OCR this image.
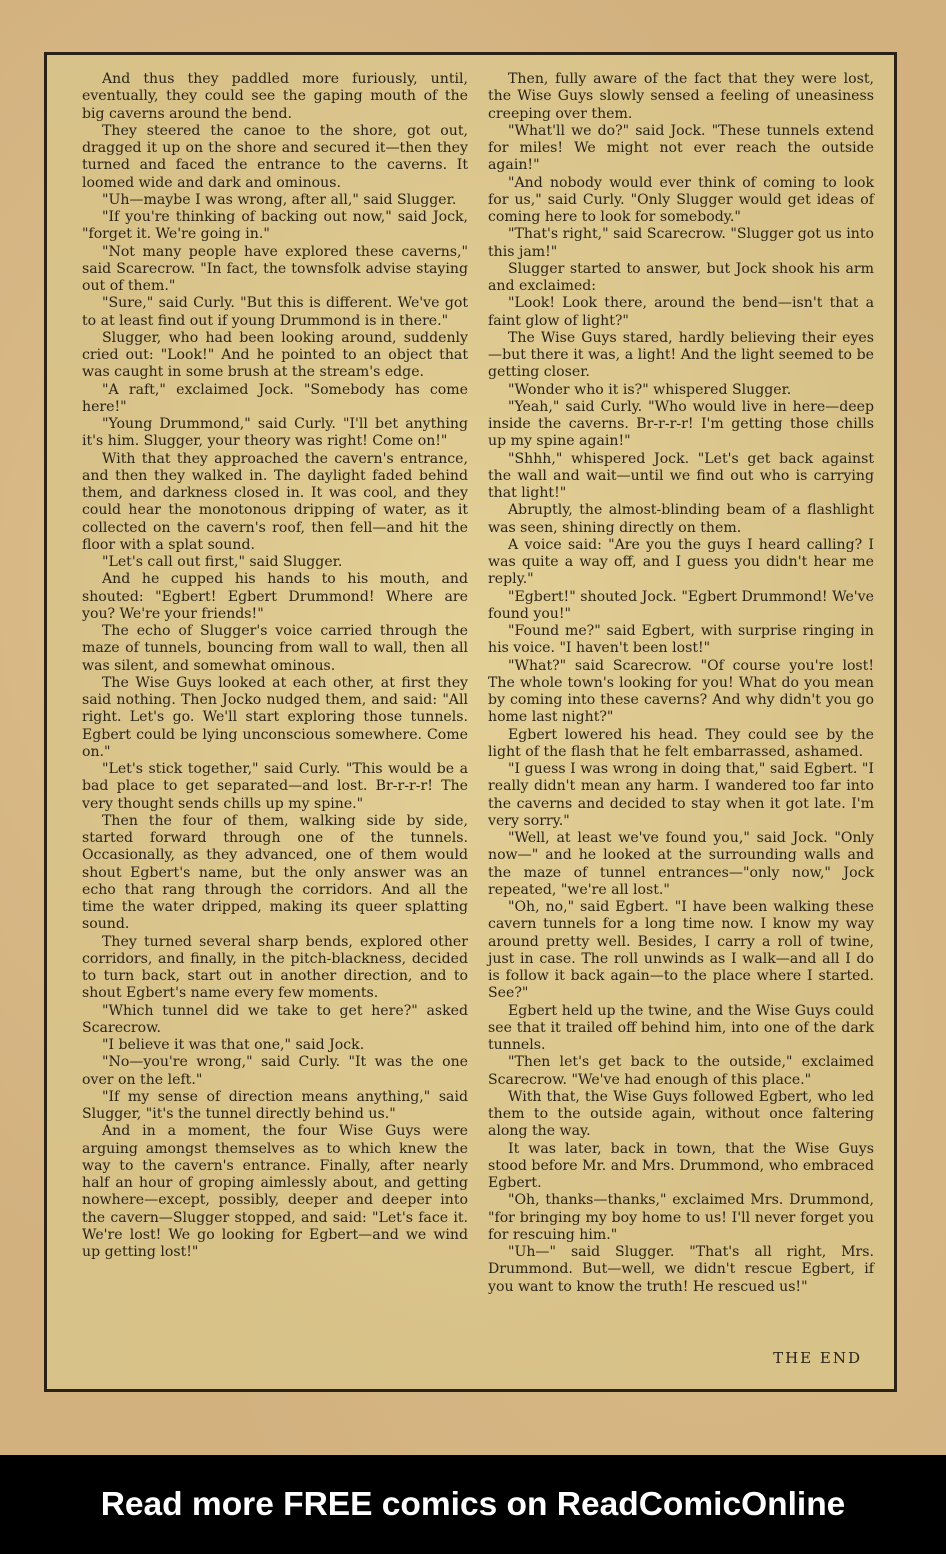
And thus they paddled more furiously, until, eventually, they could see the gaping mouth of the big caverns around the bend.

They steered the canoe to the shore, got out, dragged it up on the shore and secured it—then they turned and faced the entrance to the caverns. It loomed wide and dark and ominous.

"Uh—maybe I was wrong, after all," said Slugger.

"If you're thinking of backing out now," said Jock, "forget it. We're going in."

"Not many people have explored these caverns," said Scarecrow. "In fact, the townsfolk advise staying out of them."

"Sure," said Curly. "But this is different. We've got to at least find out if young Drummond is in there."

Slugger, who had been looking around, suddenly cried out: "Look!" And he pointed to an object that was caught in some brush at the stream's edge.

"A raft," exclaimed Jock. "Somebody has come here!"

"Young Drummond," said Curly. "I'll bet anything it's him. Slugger, your theory was right! Come on!"

With that they approached the cavern's entrance, and then they walked in. The daylight faded behind them, and darkness closed in. It was cool, and they could hear the monotonous dripping of water, as it collected on the cavern's roof, then fell—and hit the floor with a splat sound.

"Let's call out first," said Slugger.

And he cupped his hands to his mouth, and shouted: "Egbert! Egbert Drummond! Where are you? We're your friends!"

The echo of Slugger's voice carried through the maze of tunnels, bouncing from wall to wall, then all was silent, and somewhat ominous.

The Wise Guys looked at each other, at first they said nothing. Then Jocko nudged them, and said: "All right. Let's go. We'll start exploring those tunnels. Egbert could be lying unconscious somewhere. Come on."

"Let's stick together," said Curly. "This would be a bad place to get separated—and lost. Br-r-r-r! The very thought sends chills up my spine."

Then the four of them, walking side by side, started forward through one of the tunnels. Occasionally, as they advanced, one of them would shout Egbert's name, but the only answer was an echo that rang through the corridors. And all the time the water dripped, making its queer splatting sound.

They turned several sharp bends, explored other corridors, and finally, in the pitch-blackness, decided to turn back, start out in another direction, and to shout Egbert's name every few moments.

"Which tunnel did we take to get here?" asked Scarecrow.

"I believe it was that one," said Jock.

"No—you're wrong," said Curly. "It was the one over on the left."

"If my sense of direction means anything," said Slugger, "it's the tunnel directly behind us."

And in a moment, the four Wise Guys were arguing amongst themselves as to which knew the way to the cavern's entrance. Finally, after nearly half an hour of groping aimlessly about, and getting nowhere—except, possibly, deeper and deeper into the cavern—Slugger stopped, and said: "Let's face it. We're lost! We go looking for Egbert—and we wind up getting lost!"

Then, fully aware of the fact that they were lost, the Wise Guys slowly sensed a feeling of uneasiness creeping over them.

"What'll we do?" said Jock. "These tunnels extend for miles! We might not ever reach the outside again!"

"And nobody would ever think of coming to look for us," said Curly. "Only Slugger would get ideas of coming here to look for somebody."

"That's right," said Scarecrow. "Slugger got us into this jam!"

Slugger started to answer, but Jock shook his arm and exclaimed:

"Look! Look there, around the bend—isn't that a faint glow of light?"

The Wise Guys stared, hardly believing their eyes—but there it was, a light! And the light seemed to be getting closer.

"Wonder who it is?" whispered Slugger.

"Yeah," said Curly. "Who would live in here—deep inside the caverns. Br-r-r-r! I'm getting those chills up my spine again!"

"Shhh," whispered Jock. "Let's get back against the wall and wait—until we find out who is carrying that light!"

Abruptly, the almost-blinding beam of a flashlight was seen, shining directly on them.

A voice said: "Are you the guys I heard calling? I was quite a way off, and I guess you didn't hear me reply."

"Egbert!" shouted Jock. "Egbert Drummond! We've found you!"

"Found me?" said Egbert, with surprise ringing in his voice. "I haven't been lost!"

"What?" said Scarecrow. "Of course you're lost! The whole town's looking for you! What do you mean by coming into these caverns? And why didn't you go home last night?"

Egbert lowered his head. They could see by the light of the flash that he felt embarrassed, ashamed.

"I guess I was wrong in doing that," said Egbert. "I really didn't mean any harm. I wandered too far into the caverns and decided to stay when it got late. I'm very sorry."

"Well, at least we've found you," said Jock. "Only now—" and he looked at the surrounding walls and the maze of tunnel entrances—"only now," Jock repeated, "we're all lost."

"Oh, no," said Egbert. "I have been walking these cavern tunnels for a long time now. I know my way around pretty well. Besides, I carry a roll of twine, just in case. The roll unwinds as I walk—and all I do is follow it back again—to the place where I started. See?"

Egbert held up the twine, and the Wise Guys could see that it trailed off behind him, into one of the dark tunnels.

"Then let's get back to the outside," exclaimed Scarecrow. "We've had enough of this place."

With that, the Wise Guys followed Egbert, who led them to the outside again, without once faltering along the way.

It was later, back in town, that the Wise Guys stood before Mr. and Mrs. Drummond, who embraced Egbert.

"Oh, thanks—thanks," exclaimed Mrs. Drummond, "for bringing my boy home to us! I'll never forget you for rescuing him."

"Uh—" said Slugger. "That's all right, Mrs. Drummond. But—well, we didn't rescue Egbert, if you want to know the truth! He rescued us!"

THE END
Read more FREE comics on ReadComicOnline
